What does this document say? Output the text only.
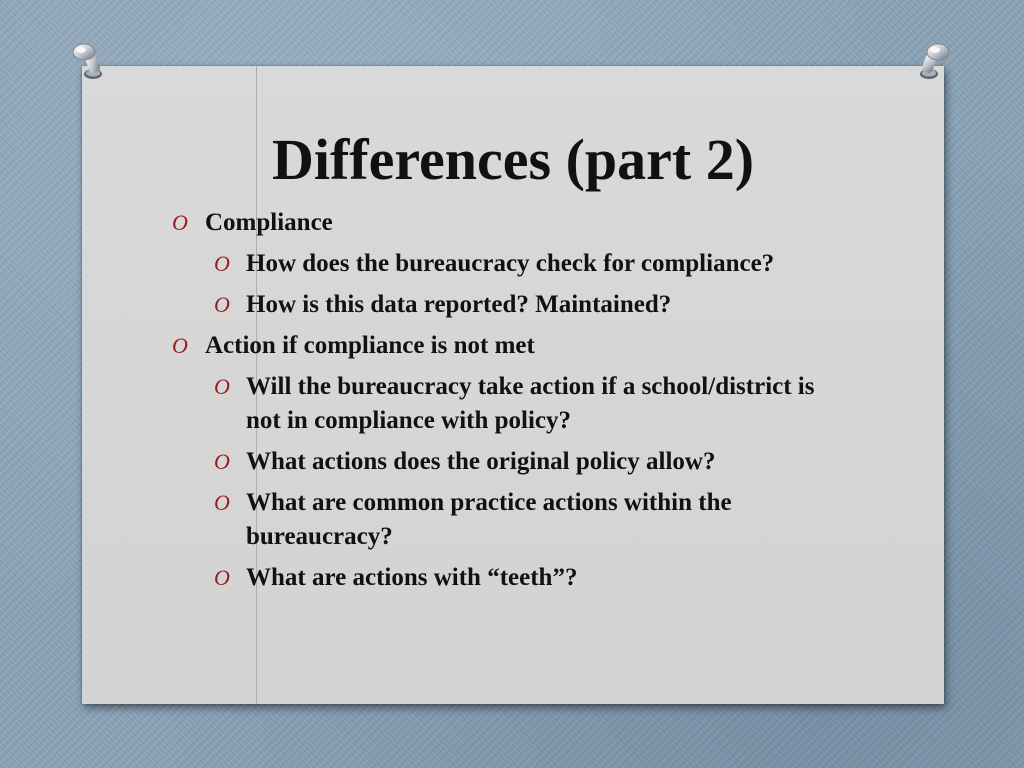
Differences (part 2)
O Compliance
O How does the bureaucracy check for compliance?
O How is this data reported? Maintained?
O Action if compliance is not met
O Will the bureaucracy take action if a school/district is not in compliance with policy?
O What actions does the original policy allow?
O What are common practice actions within the bureaucracy?
O What are actions with “teeth”?
